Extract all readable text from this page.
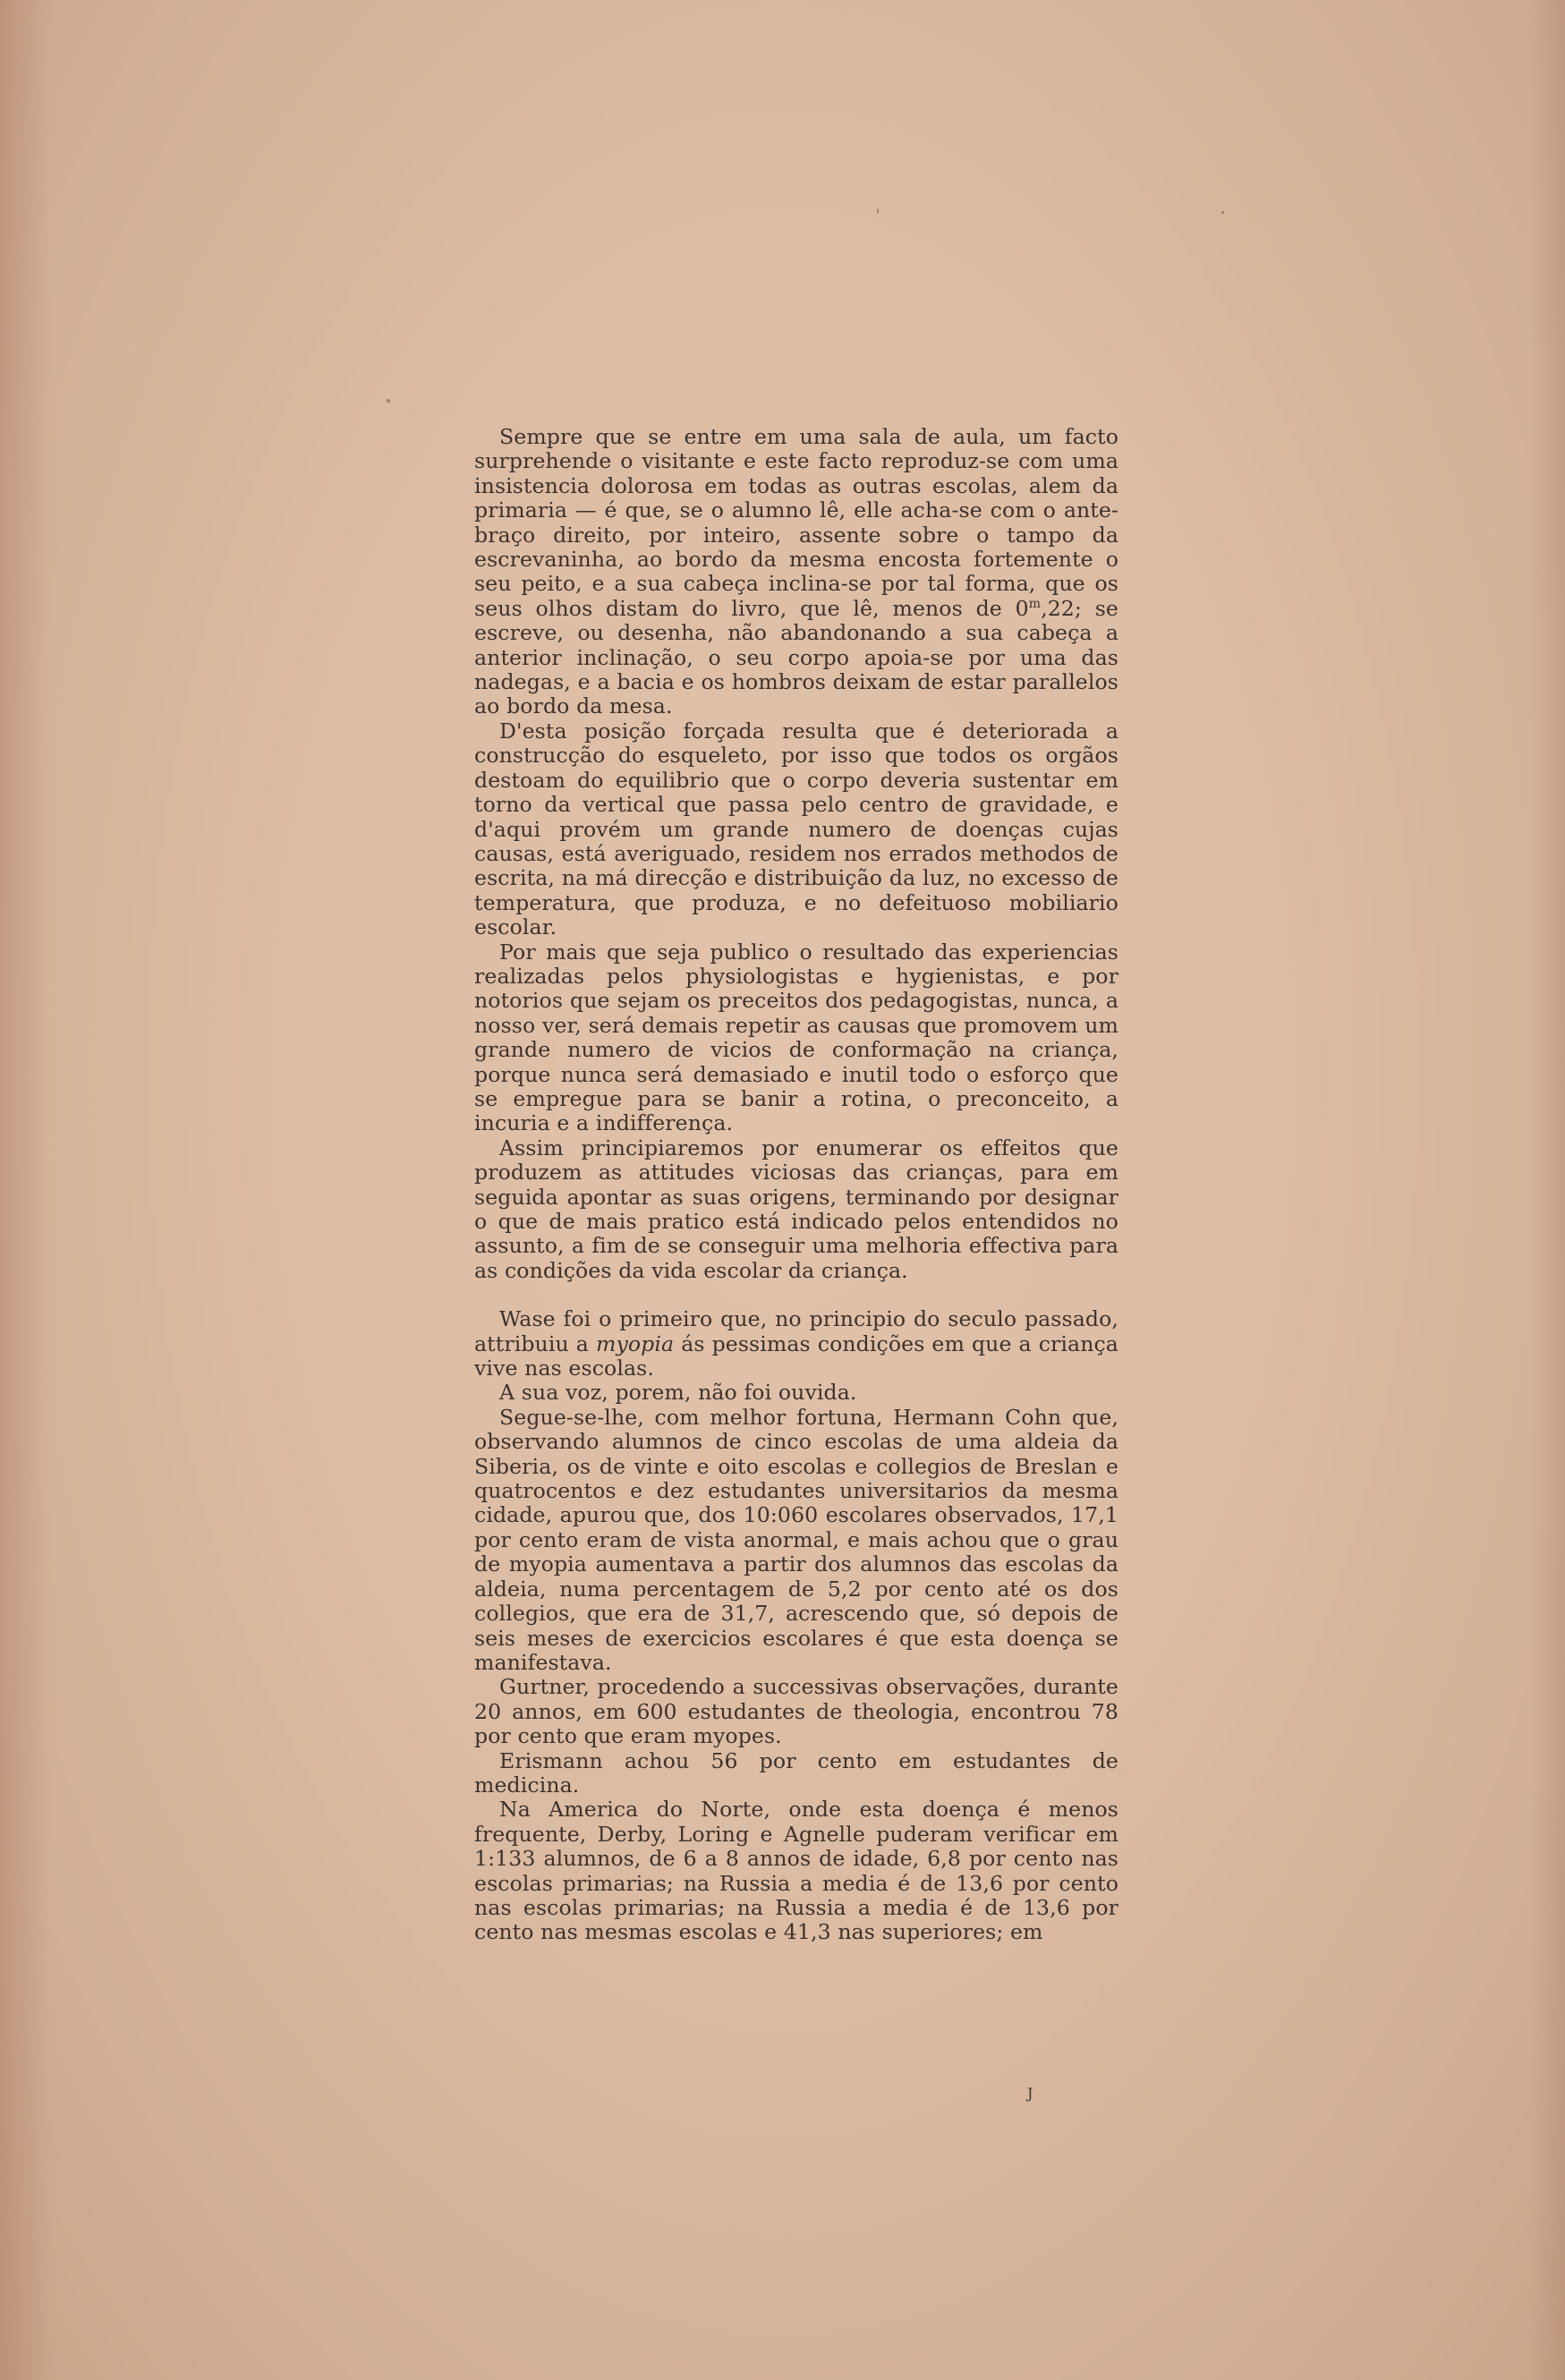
Sempre que se entre em uma sala de aula, um facto surprehende o visitante e este facto reproduz-se com uma insistencia dolorosa em todas as outras escolas, alem da primaria — é que, se o alumno lê, elle acha-se com o ante-braço direito, por inteiro, assente sobre o tampo da escrevaninha, ao bordo da mesma encosta fortemente o seu peito, e a sua cabeça inclina-se por tal forma, que os seus olhos distam do livro, que lê, menos de 0$^m$,22; se escreve, ou desenha, não abandonando a sua cabeça a anterior inclinação, o seu corpo apoia-se por uma das nadegas, e a bacia e os hombros deixam de estar parallelos ao bordo da mesa.

D'esta posição forçada resulta que é deteriorada a construcção do esqueleto, por isso que todos os orgãos destoam do equilibrio que o corpo deveria sustentar em torno da vertical que passa pelo centro de gravidade, e d'aqui provém um grande numero de doenças cujas causas, está averiguado, residem nos errados methodos de escrita, na má direcção e distribuição da luz, no excesso de temperatura, que produza, e no defeituoso mobiliario escolar.

Por mais que seja publico o resultado das experiencias realizadas pelos physiologistas e hygienistas, e por notorios que sejam os preceitos dos pedagogistas, nunca, a nosso ver, será demais repetir as causas que promovem um grande numero de vicios de conformação na criança, porque nunca será demasiado e inutil todo o esforço que se empregue para se banir a rotina, o preconceito, a incuria e a indifferença.

Assim principiaremos por enumerar os effeitos que produzem as attitudes viciosas das crianças, para em seguida apontar as suas origens, terminando por designar o que de mais pratico está indicado pelos entendidos no assunto, a fim de se conseguir uma melhoria effectiva para as condições da vida escolar da criança.

Wase foi o primeiro que, no principio do seculo passado, attribuiu a myopia ás pessimas condições em que a criança vive nas escolas.

A sua voz, porem, não foi ouvida.

Segue-se-lhe, com melhor fortuna, Hermann Cohn que, observando alumnos de cinco escolas de uma aldeia da Siberia, os de vinte e oito escolas e collegios de Breslan e quatrocentos e dez estudantes universitarios da mesma cidade, apurou que, dos 10:060 escolares observados, 17,1 por cento eram de vista anormal, e mais achou que o grau de myopia aumentava a partir dos alumnos das escolas da aldeia, numa percentagem de 5,2 por cento até os dos collegios, que era de 31,7, acrescendo que, só depois de seis meses de exercicios escolares é que esta doença se manifestava.

Gurtner, procedendo a successivas observações, durante 20 annos, em 600 estudantes de theologia, encontrou 78 por cento que eram myopes.

Erismann achou 56 por cento em estudantes de medicina.

Na America do Norte, onde esta doença é menos frequente, Derby, Loring e Agnelle puderam verificar em 1:133 alumnos, de 6 a 8 annos de idade, 6,8 por cento nas escolas primarias; na Russia a media é de 13,6 por cento nas escolas primarias; na Russia a media é de 13,6 por cento nas mesmas escolas e 41,3 nas superiores; em

J
